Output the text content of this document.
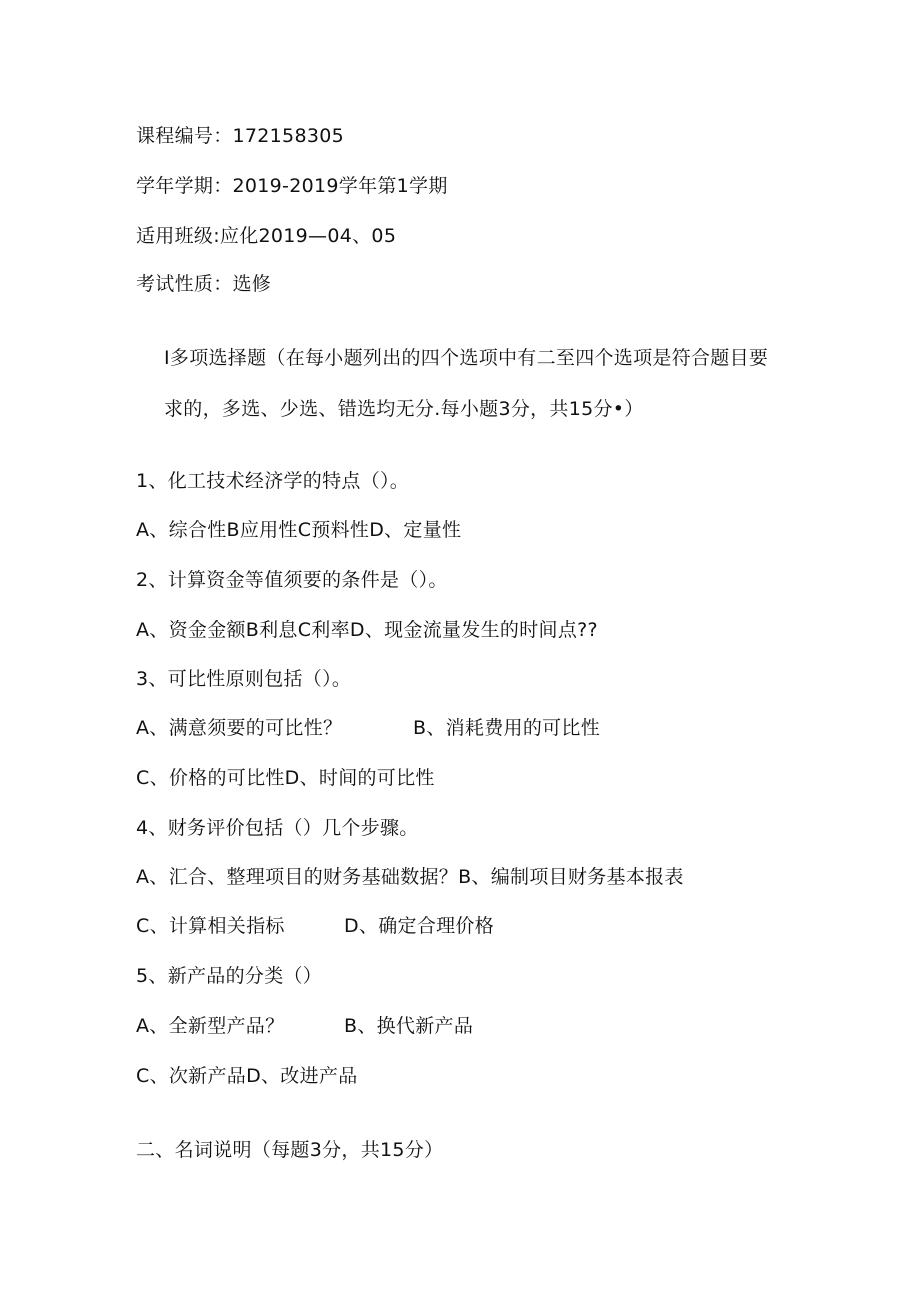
课程编号：172158305
学年学期：2019-2019学年第1学期
适用班级:应化2019—04、05
考试性质：选修
I多项选择题（在每小题列出的四个选项中有二至四个选项是符合题目要
求的，多选、少选、错选均无分.每小题3分，共15分•）
1、化工技术经济学的特点（）。
A、综合性B应用性C预料性D、定量性
2、计算资金等值须要的条件是（）。
A、资金金额B利息C利率D、现金流量发生的时间点??
3、可比性原则包括（）。
A、满意须要的可比性？	B、消耗费用的可比性
C、价格的可比性D、时间的可比性
4、财务评价包括（）几个步骤。
A、汇合、整理项目的财务基础数据？B、编制项目财务基本报表
C、计算相关指标	D、确定合理价格
5、新产品的分类（）
A、全新型产品？	B、换代新产品
C、次新产品D、改进产品
二、名词说明（每题3分，共15分）
